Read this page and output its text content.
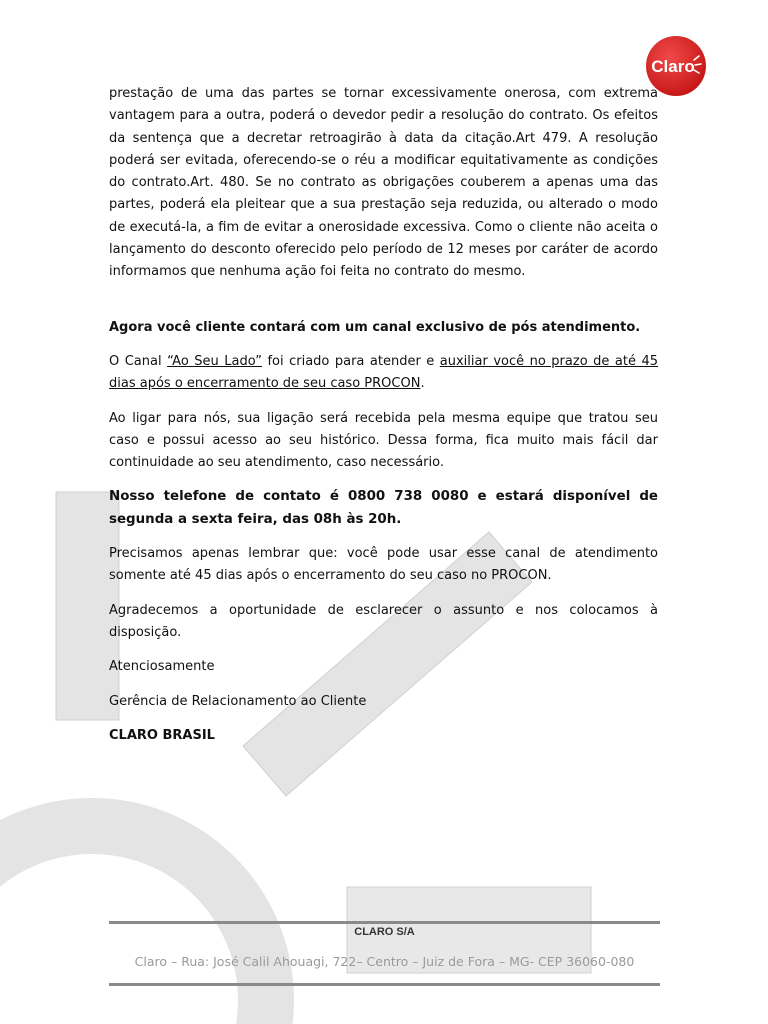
Claro

prestação de uma das partes se tornar excessivamente onerosa, com extrema vantagem para a outra, poderá o devedor pedir a resolução do contrato. Os efeitos da sentença que a decretar retroagirão à data da citação.Art 479. A resolução poderá ser evitada, oferecendo-se o réu a modificar equitativamente as condições do contrato.Art. 480. Se no contrato as obrigações couberem a apenas uma das partes, poderá ela pleitear que a sua prestação seja reduzida, ou alterado o modo de executá-la, a fim de evitar a onerosidade excessiva. Como o cliente não aceita o lançamento do desconto oferecido pelo período de 12 meses por caráter de acordo informamos que nenhuma ação foi feita no contrato do mesmo.

Agora você cliente contará com um canal exclusivo de pós atendimento.

O Canal “Ao Seu Lado” foi criado para atender e auxiliar você no prazo de até 45 dias após o encerramento de seu caso PROCON.

Ao ligar para nós, sua ligação será recebida pela mesma equipe que tratou seu caso e possui acesso ao seu histórico. Dessa forma, fica muito mais fácil dar continuidade ao seu atendimento, caso necessário.

Nosso telefone de contato é 0800 738 0080 e estará disponível de segunda a sexta feira, das 08h às 20h.

Precisamos apenas lembrar que: você pode usar esse canal de atendimento somente até 45 dias após o encerramento do seu caso no PROCON.

Agradecemos a oportunidade de esclarecer o assunto e nos colocamos à disposição.

Atenciosamente

Gerência de Relacionamento ao Cliente

CLARO BRASIL

CLARO S/A
Claro – Rua: José Calil Ahouagi, 722– Centro – Juiz de Fora – MG- CEP 36060-080
